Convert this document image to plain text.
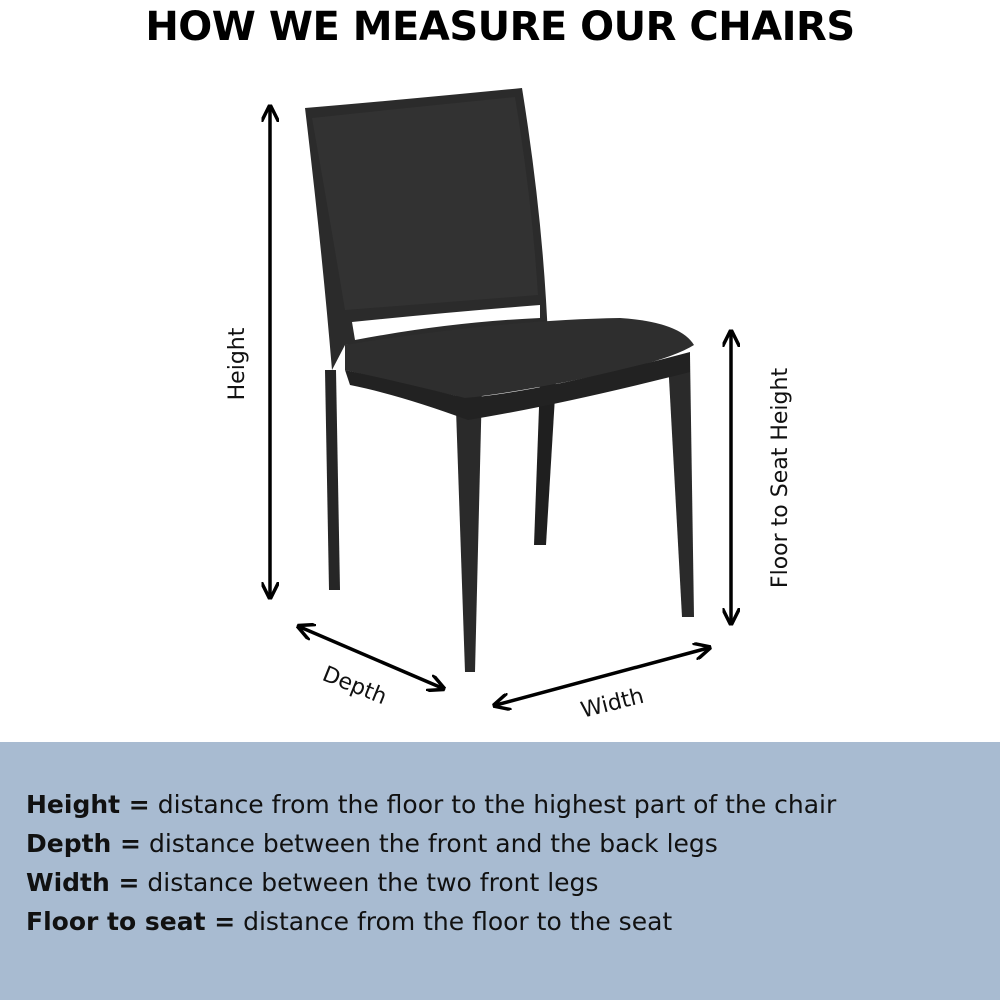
HOW WE MEASURE OUR CHAIRS
Height
Floor to Seat Height
Depth	Width
Height = distance from the floor to the highest part of the chair
Depth = distance between the front and the back legs
Width = distance between the two front legs
Floor to seat = distance from the floor to the seat
